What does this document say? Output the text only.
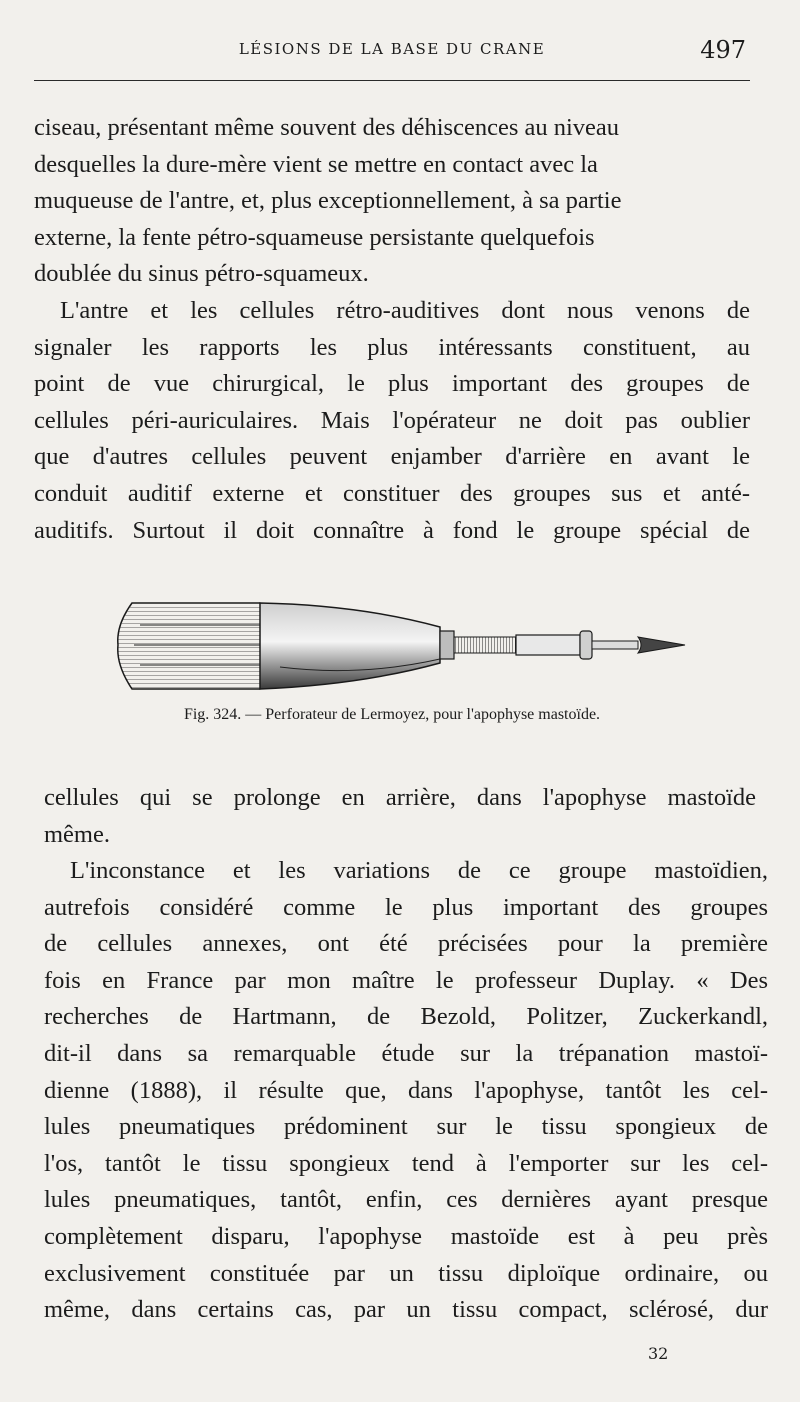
LÉSIONS DE LA BASE DU CRANE	497

ciseau, présentant même souvent des déhiscences au niveau
desquelles la dure-mère vient se mettre en contact avec la
muqueuse de l'antre, et, plus exceptionnellement, à sa partie
externe, la fente pétro-squameuse persistante quelquefois
doublée du sinus pétro-squameux.

L'antre et les cellules rétro-auditives dont nous venons de
signaler les rapports les plus intéressants constituent, au
point de vue chirurgical, le plus important des groupes de
cellules péri-auriculaires. Mais l'opérateur ne doit pas oublier
que d'autres cellules peuvent enjamber d'arrière en avant le
conduit auditif externe et constituer des groupes sus et anté-
auditifs. Surtout il doit connaître à fond le groupe spécial de

Fig. 324. — Perforateur de Lermoyez, pour l'apophyse mastoïde.

cellules qui se prolonge en arrière, dans l'apophyse mastoïde
même.

L'inconstance et les variations de ce groupe mastoïdien,
autrefois considéré comme le plus important des groupes
de cellules annexes, ont été précisées pour la première
fois en France par mon maître le professeur Duplay. « Des
recherches de Hartmann, de Bezold, Politzer, Zuckerkandl,
dit-il dans sa remarquable étude sur la trépanation mastoï-
dienne (1888), il résulte que, dans l'apophyse, tantôt les cel-
lules pneumatiques prédominent sur le tissu spongieux de
l'os, tantôt le tissu spongieux tend à l'emporter sur les cel-
lules pneumatiques, tantôt, enfin, ces dernières ayant presque
complètement disparu, l'apophyse mastoïde est à peu près
exclusivement constituée par un tissu diploïque ordinaire, ou
même, dans certains cas, par un tissu compact, sclérosé, dur

32
